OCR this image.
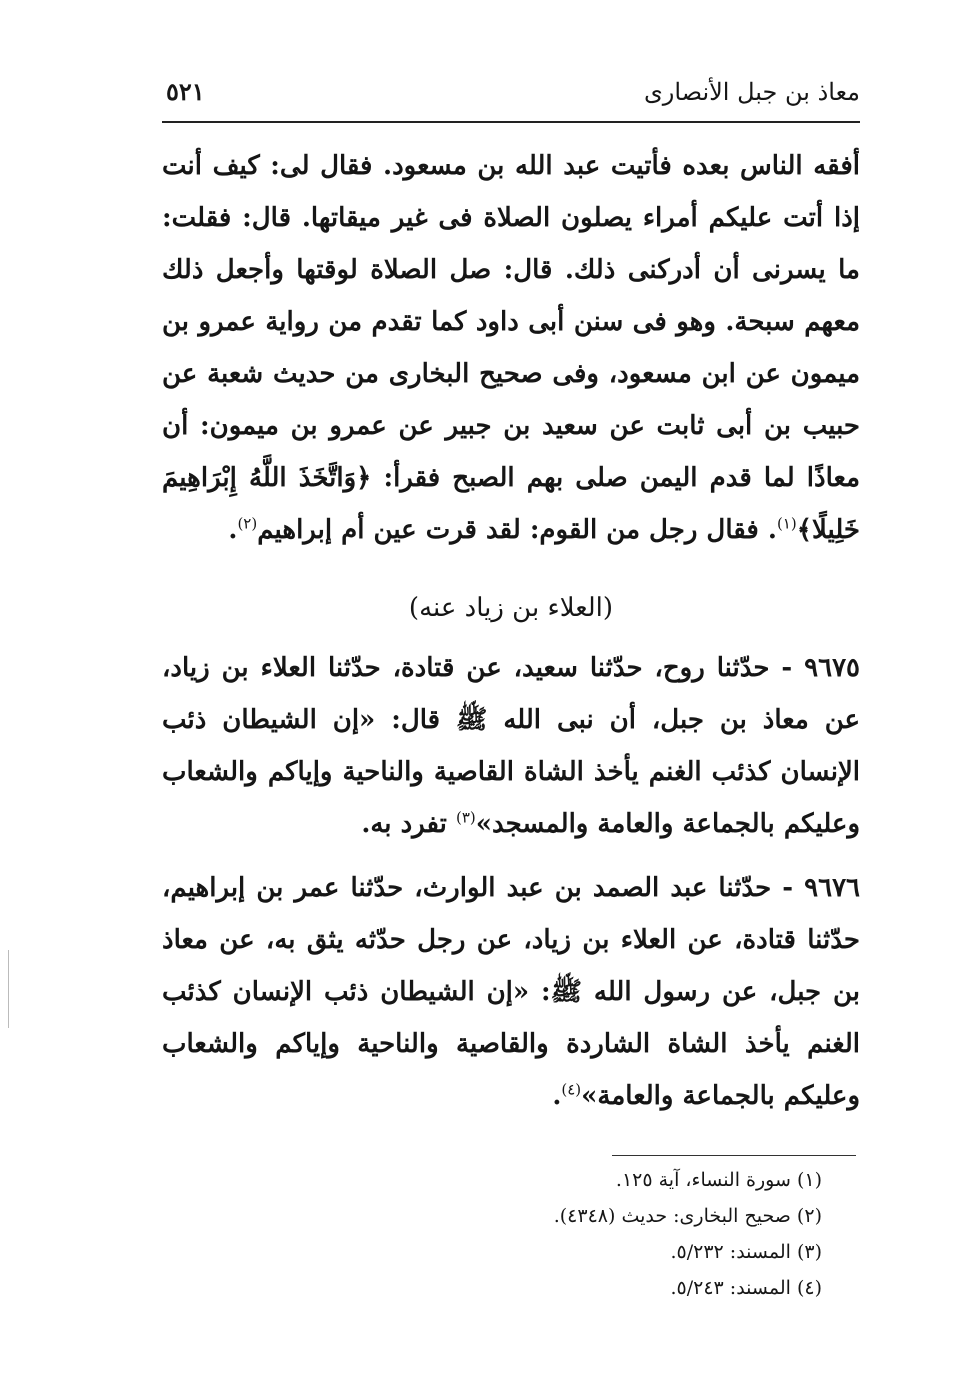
معاذ بن جبل الأنصارى
٥٢١

أفقه الناس بعده فأتيت عبد الله بن مسعود. فقال لى: كيف أنت إذا أتت عليكم أمراء يصلون الصلاة فى غير ميقاتها. قال: فقلت: ما يسرنى أن أدركنى ذلك. قال: صل الصلاة لوقتها وأجعل ذلك معهم سبحة. وهو فى سنن أبى داود كما تقدم من رواية عمرو بن ميمون عن ابن مسعود، وفى صحيح البخارى من حديث شعبة عن حبيب بن أبى ثابت عن سعيد بن جبير عن عمرو بن ميمون: أن معاذًا لما قدم اليمن صلى بهم الصبح فقرأ: ﴿وَاتَّخَذَ اللَّهُ إِبْرَاهِيمَ خَلِيلًا﴾$^{(١)}$. فقال رجل من القوم: لقد قرت عين أم إبراهيم$^{(٢)}$.

(العلاء بن زياد عنه)

٩٦٧٥ - حدّثنا روح، حدّثنا سعيد، عن قتادة، حدّثنا العلاء بن زياد، عن معاذ بن جبل، أن نبى الله ﷺ قال: «إن الشيطان ذئب الإنسان كذئب الغنم يأخذ الشاة القاصية والناحية وإياكم والشعاب وعليكم بالجماعة والعامة والمسجد»$^{(٣)}$ تفرد به.

٩٦٧٦ - حدّثنا عبد الصمد بن عبد الوارث، حدّثنا عمر بن إبراهيم، حدّثنا قتادة، عن العلاء بن زياد، عن رجل حدّثه يثق به، عن معاذ بن جبل، عن رسول الله ﷺ: «إن الشيطان ذئب الإنسان كذئب الغنم يأخذ الشاة الشاردة والقاصية والناحية وإياكم والشعاب وعليكم بالجماعة والعامة»$^{(٤)}$.

(١) سورة النساء، آية ١٢٥.

(٢) صحيح البخارى: حديث (٤٣٤٨).

(٣) المسند: ٥/٢٣٢.

(٤) المسند: ٥/٢٤٣.
